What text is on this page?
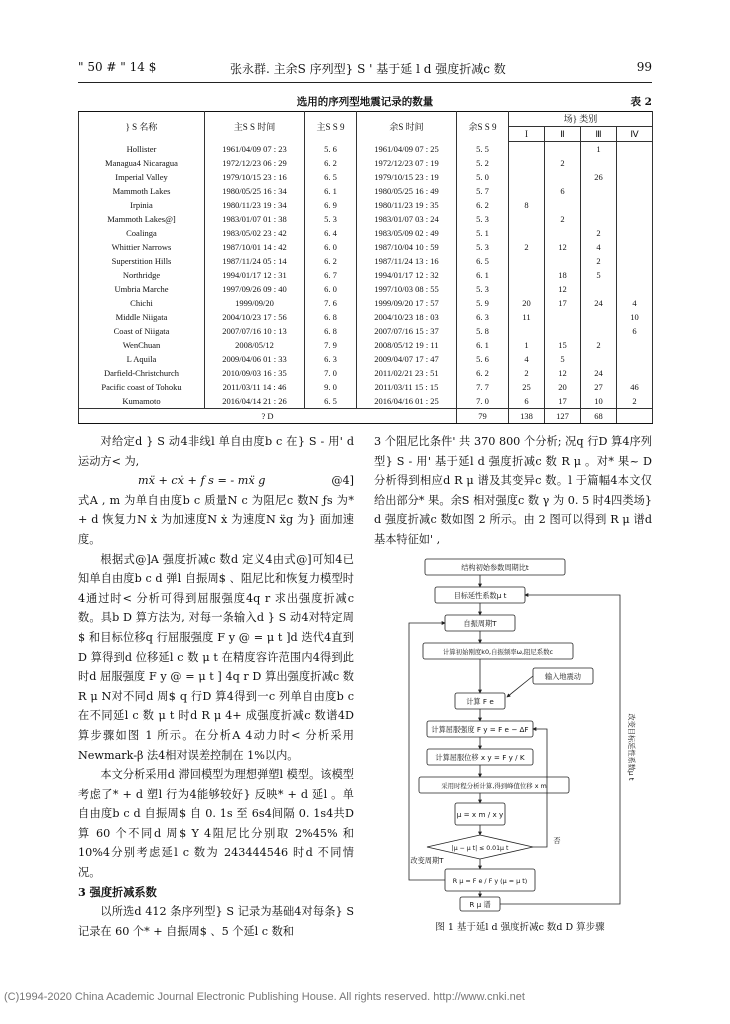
" 50 # " 14 $	张永群. 主余S 序列型} S ' 基于延 l d 强度折减c 数	99
选用的序列型地震记录的数量	表 2
} S 名称	主S S 时间	主S S 9	余S 时间	余S S 9	场} 类别			
					I	Ⅱ	Ⅲ	Ⅳ
Hollister	1961/04/09 07 : 23	5. 6	1961/04/09 07 : 25	5. 5			1	
Managua4 Nicaragua	1972/12/23 06 : 29	6. 2	1972/12/23 07 : 19	5. 2		2		
Imperial Valley	1979/10/15 23 : 16	6. 5	1979/10/15 23 : 19	5. 0			26	
Mammoth Lakes	1980/05/25 16 : 34	6. 1	1980/05/25 16 : 49	5. 7		6		
Irpinia	1980/11/23 19 : 34	6. 9	1980/11/23 19 : 35	6. 2	8			
Mammoth Lakes@]	1983/01/07 01 : 38	5. 3	1983/01/07 03 : 24	5. 3		2		
Coalinga	1983/05/02 23 : 42	6. 4	1983/05/09 02 : 49	5. 1			2	
Whittier Narrows	1987/10/01 14 : 42	6. 0	1987/10/04 10 : 59	5. 3	2	12	4	
Superstition Hills	1987/11/24 05 : 14	6. 2	1987/11/24 13 : 16	6. 5			2	
Northridge	1994/01/17 12 : 31	6. 7	1994/01/17 12 : 32	6. 1		18	5	
Umbria Marche	1997/09/26 09 : 40	6. 0	1997/10/03 08 : 55	5. 3		12		
Chichi	1999/09/20	7. 6	1999/09/20 17 : 57	5. 9	20	17	24	4
Middle Niigata	2004/10/23 17 : 56	6. 8	2004/10/23 18 : 03	6. 3	11			10
Coast of Niigata	2007/07/16 10 : 13	6. 8	2007/07/16 15 : 37	5. 8				6
WenChuan	2008/05/12	7. 9	2008/05/12 19 : 11	6. 1	1	15	2	
L Aquila	2009/04/06 01 : 33	6. 3	2009/04/07 17 : 47	5. 6	4	5		
Darfield-Christchurch	2010/09/03 16 : 35	7. 0	2011/02/21 23 : 51	6. 2	2	12	24	
Pacific coast of Tohoku	2011/03/11 14 : 46	9. 0	2011/03/11 15 : 15	7. 7	25	20	27	46
Kumamoto	2016/04/14 21 : 26	6. 5	2016/04/16 01 : 25	7. 0	6	17	10	2
? D				79	138	127	68	

对给定d } S 动4非线l 单自由度b c 在} S - 用' d 运动方< 为,

mẍ + cẋ + f s = - mẍ g	@4]

式A , m 为单自由度b c 质量N c 为阻尼c 数N ƒs 为* + d 恢复力N ẋ 为加速度N ẋ 为速度N ẍg 为} 面加速度。

根据式@]A 强度折减c 数d 定义4由式@]可知4已知单自由度b c d 弹l 自振周$ 、阻尼比和恢复力模型时4通过时< 分析可得到屈服强度4q r 求出强度折减c 数。具b D 算方法为, 对每一条输入d } S 动4对特定周$ 和目标位移q 行屈服强度 F y @ = μ t ]d 迭代4直到D 算得到d 位移延l c 数 μ t 在精度容许范围内4得到此时d 屈服强度 F y @ = μ t ] 4q r D 算出强度折减c 数 R μ N对不同d 周$ q 行D 算4得到一c 列单自由度b c 在不同延l c 数 μ t 时d R μ 4+ 成强度折减c 数谱4D 算步骤如图 1 所示。在分析A 4动力时< 分析采用 Newmark-β 法4相对误差控制在 1%以内。

本文分析采用d 滞回模型为理想弹塑l 模型。该模型考虑了* + d 塑l 行为4能够较好} 反映* + d 延l 。单自由度b c d 自振周$ 自 0. 1s 至 6s4间隔 0. 1s4共D 算 60 个不同d 周$ Y 4阻尼比分别取 2%45% 和 10%4分别考虑延l c 数为 243444546 时d 不同情况。

3 强度折减系数

以所选d 412 条序列型} S 记录为基础4对每条} S 记录在 60 个* + 自振周$ 、5 个延l c 数和

3 个阻尼比条件' 共 370 800 个分析; 况q 行D 算4序列型} S - 用' 基于延l d 强度折减c 数 R μ 。对* 果~ D 分析得到相应d R μ 谱及其变异c 数。l 于篇幅4本文仅给出部分* 果。余S 相对强度c 数 γ 为 0. 5 时4四类场} d 强度折减c 数如图 2 所示。由 2 图可以得到 R μ 谱d 基本特征如' ,

结构初始参数周期比t
目标延性系数μ t
自振周期T
计算初始刚度k0,自振频率ω,阻尼系数c
输入地震动
计算 F e
计算屈服强度 F y = F e − ΔF
计算屈服位移 x y = F y / K
采用时程分析计算,得到峰值位移 x m
μ = x m / x y
|μ − μ t| ≤ 0.01μ t
R μ = F e / F y (μ = μ t)
R μ 谱
否
改变周期T
改变目标延性系数μ t
图 1 基于延l d 强度折减c 数d D 算步骤
(C)1994-2020 China Academic Journal Electronic Publishing House. All rights reserved. http://www.cnki.net
